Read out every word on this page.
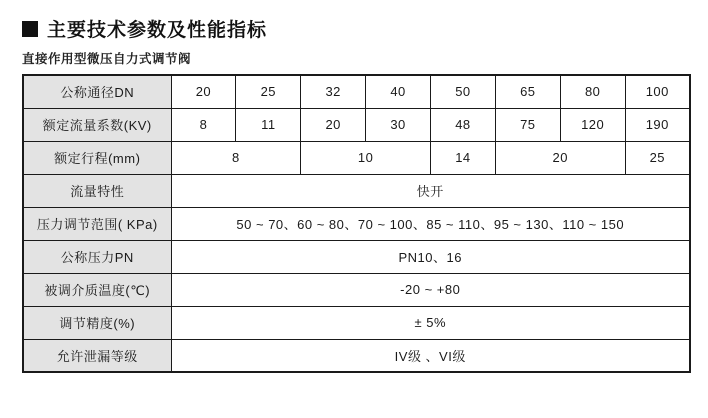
主要技术参数及性能指标
直接作用型微压自力式调节阀
公称通径DN	20	25	32	40	50	65	80	100
额定流量系数(KV)	8	11	20	30	48	75	120	190
额定行程(mm)	8		10		14	20		25
流量特性	快开							
压力调节范围( KPa)	50 ~ 70、60 ~ 80、70 ~ 100、85 ~ 110、95 ~ 130、110 ~ 150							
公称压力PN	PN10、16							
被调介质温度(℃)	-20 ~ +80							
调节精度(%)	± 5%							
允许泄漏等级	IV级 、VI级							
